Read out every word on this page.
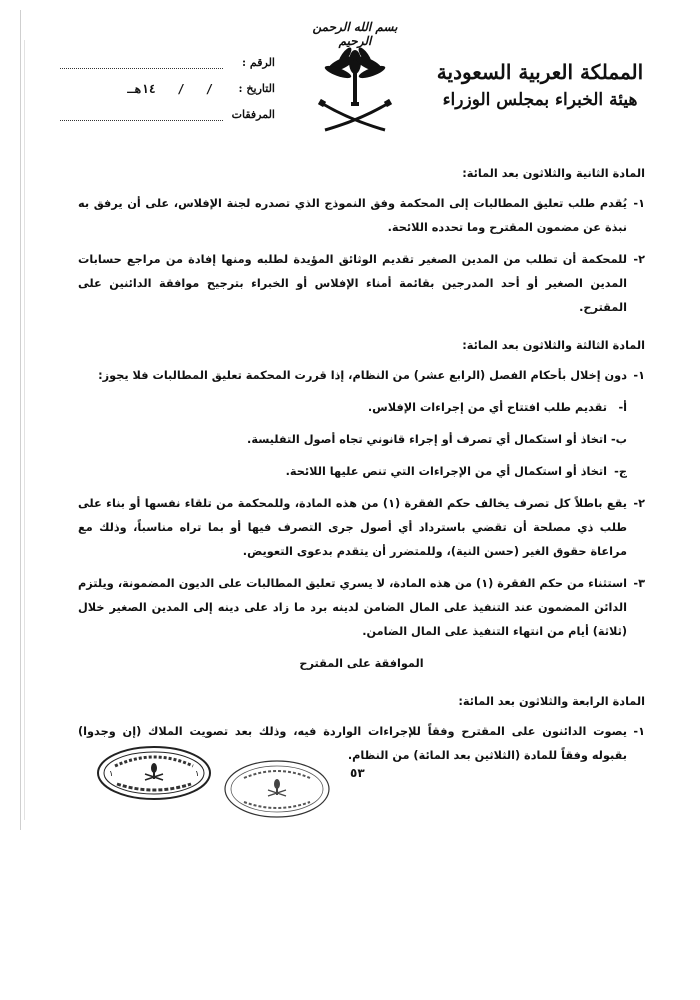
المملكة العربية السعودية
هيئة الخبراء بمجلس الوزراء
بسم الله الرحمن الرحيم
الرقم :
التاريخ :
/ / ١٤هـ
المرفقات
المادة الثانية والثلاثون بعد المائة:
١-
يُقدم طلب تعليق المطالبات إلى المحكمة وفق النموذج الذي تصدره لجنة الإفلاس، على أن يرفق به نبذة عن مضمون المقترح وما تحدده اللائحة.
٢-
للمحكمة أن تطلب من المدين الصغير تقديم الوثائق المؤيدة لطلبه ومنها إفادة من مراجع حسابات المدين الصغير أو أحد المدرجين بقائمة أمناء الإفلاس أو الخبراء بترجيح موافقة الدائنين على المقترح.
المادة الثالثة والثلاثون بعد المائة:
١-
دون إخلال بأحكام الفصل (الرابع عشر) من النظام، إذا قررت المحكمة تعليق المطالبات فلا يجوز:
أ-
تقديم طلب افتتاح أي من إجراءات الإفلاس.
ب-
اتخاذ أو استكمال أي تصرف أو إجراء قانوني تجاه أصول التفليسة.
ج-
اتخاذ أو استكمال أي من الإجراءات التي تنص عليها اللائحة.
٢-
يقع باطلاً كل تصرف يخالف حكم الفقرة (١) من هذه المادة، وللمحكمة من تلقاء نفسها أو بناء على طلب ذي مصلحة أن تقضي باسترداد أي أصول جرى التصرف فيها أو بما تراه مناسباً، وذلك مع مراعاة حقوق الغير (حسن النية)، وللمتضرر أن يتقدم بدعوى التعويض.
٣-
استثناء من حكم الفقرة (١) من هذه المادة، لا يسري تعليق المطالبات على الديون المضمونة، ويلتزم الدائن المضمون عند التنفيذ على المال الضامن لدينه برد ما زاد على دينه إلى المدين الصغير خلال (ثلاثة) أيام من انتهاء التنفيذ على المال الضامن.
الموافقة على المقترح
المادة الرابعة والثلاثون بعد المائة:
١-
يصوت الدائنون على المقترح وفقاً للإجراءات الواردة فيه، وذلك بعد تصويت الملاك (إن وجدوا) بقبوله وفقاً للمادة (الثلاثين بعد المائة) من النظام.
١	١	٥٣
